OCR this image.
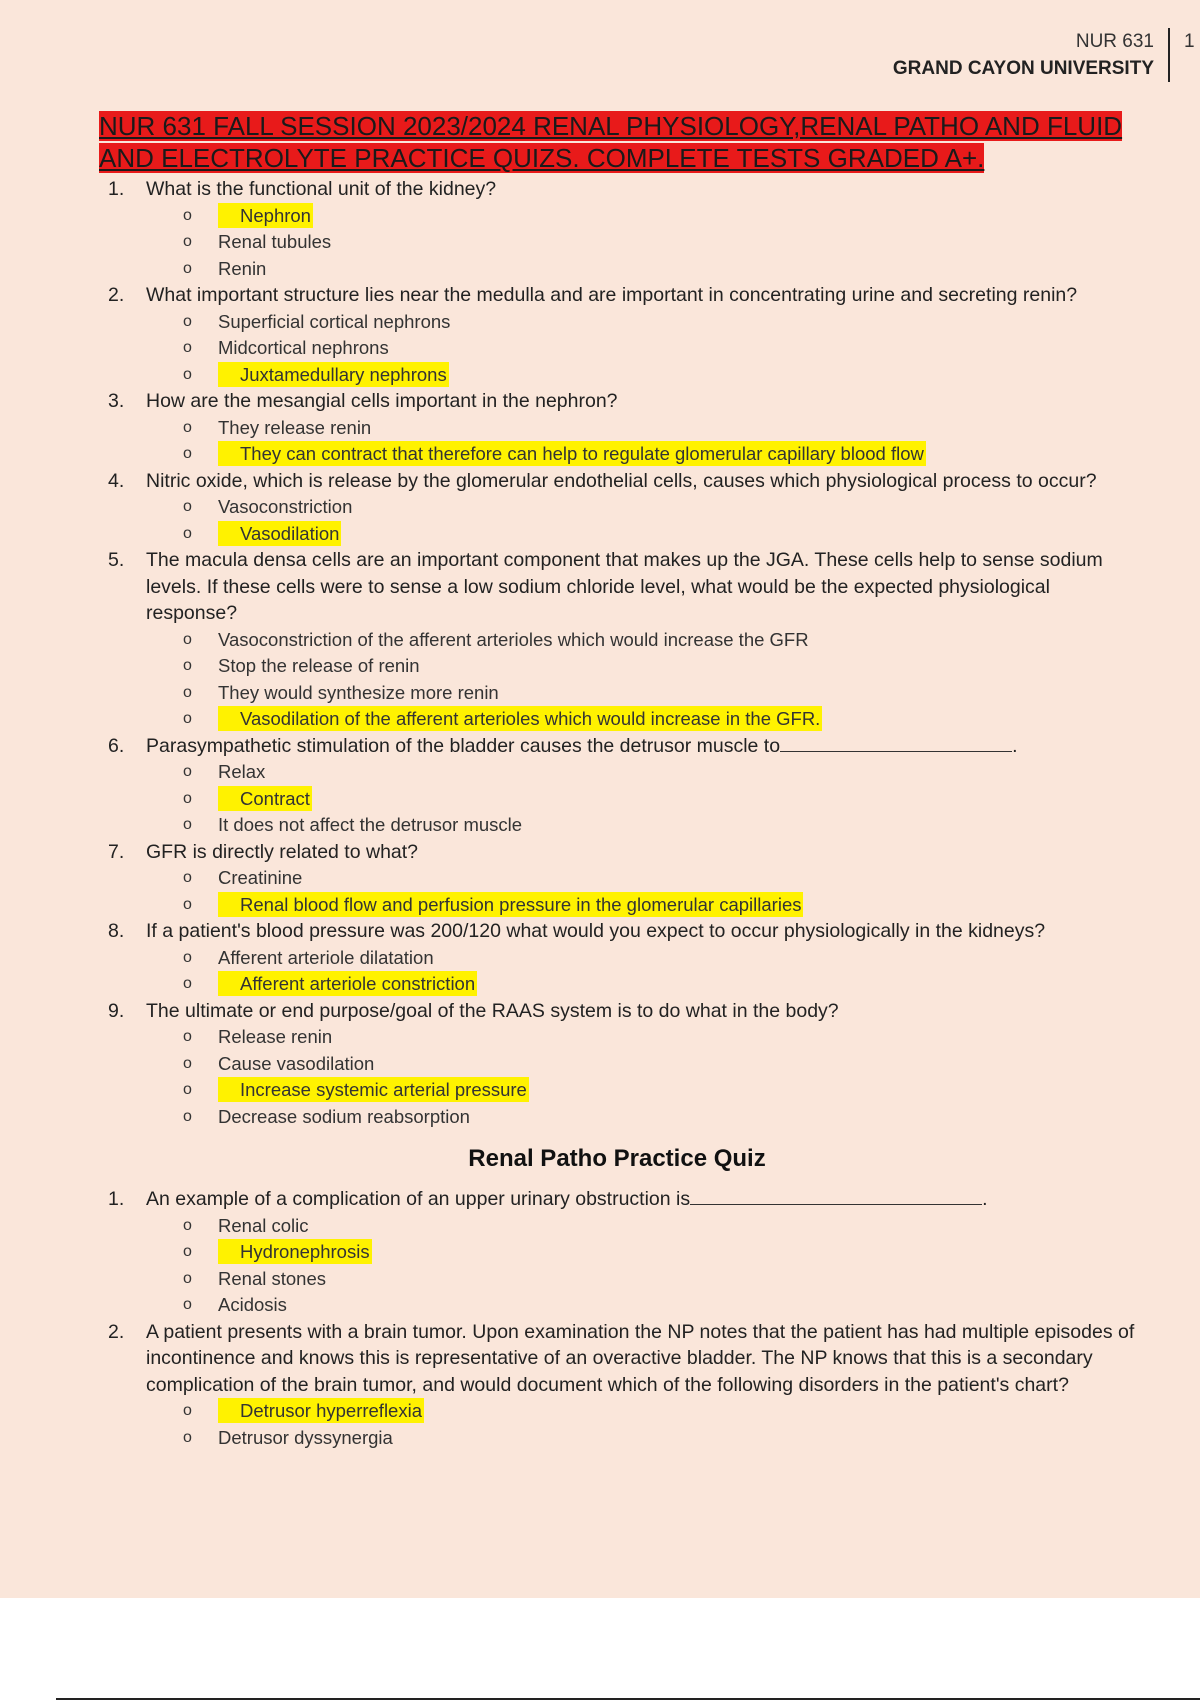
NUR 631
GRAND CAYON UNIVERSITY
1
NUR 631 FALL SESSION 2023/2024 RENAL PHYSIOLOGY,RENAL PATHO AND FLUID AND ELECTROLYTE PRACTICE QUIZS. COMPLETE TESTS GRADED A+.
1. What is the functional unit of the kidney?
o	Nephron
o Renal tubules
o Renin
2. What important structure lies near the medulla and are important in concentrating urine and secreting renin?
o Superficial cortical nephrons
o Midcortical nephrons
o	Juxtamedullary nephrons
3. How are the mesangial cells important in the nephron?
o They release renin
o	They can contract that therefore can help to regulate glomerular capillary blood flow
4. Nitric oxide, which is release by the glomerular endothelial cells, causes which physiological process to occur?
o Vasoconstriction
o	Vasodilation
5. The macula densa cells are an important component that makes up the JGA. These cells help to sense sodium levels. If these cells were to sense a low sodium chloride level, what would be the expected physiological response?
o Vasoconstriction of the afferent arterioles which would increase the GFR
o Stop the release of renin
o They would synthesize more renin
o	Vasodilation of the afferent arterioles which would increase in the GFR.
6. Parasympathetic stimulation of the bladder causes the detrusor muscle to	.
o Relax
o	Contract
o It does not affect the detrusor muscle
7. GFR is directly related to what?
o Creatinine
o	Renal blood flow and perfusion pressure in the glomerular capillaries
8. If a patient's blood pressure was 200/120 what would you expect to occur physiologically in the kidneys?
o Afferent arteriole dilatation
o	Afferent arteriole constriction
9. The ultimate or end purpose/goal of the RAAS system is to do what in the body?
o Release renin
o Cause vasodilation
o	Increase systemic arterial pressure
o Decrease sodium reabsorption
Renal Patho Practice Quiz
1. An example of a complication of an upper urinary obstruction is	.
o Renal colic
o	Hydronephrosis
o Renal stones
o Acidosis
2. A patient presents with a brain tumor. Upon examination the NP notes that the patient has had multiple episodes of incontinence and knows this is representative of an overactive bladder. The NP knows that this is a secondary complication of the brain tumor, and would document which of the following disorders in the patient's chart?
o	Detrusor hyperreflexia
o Detrusor dyssynergia
